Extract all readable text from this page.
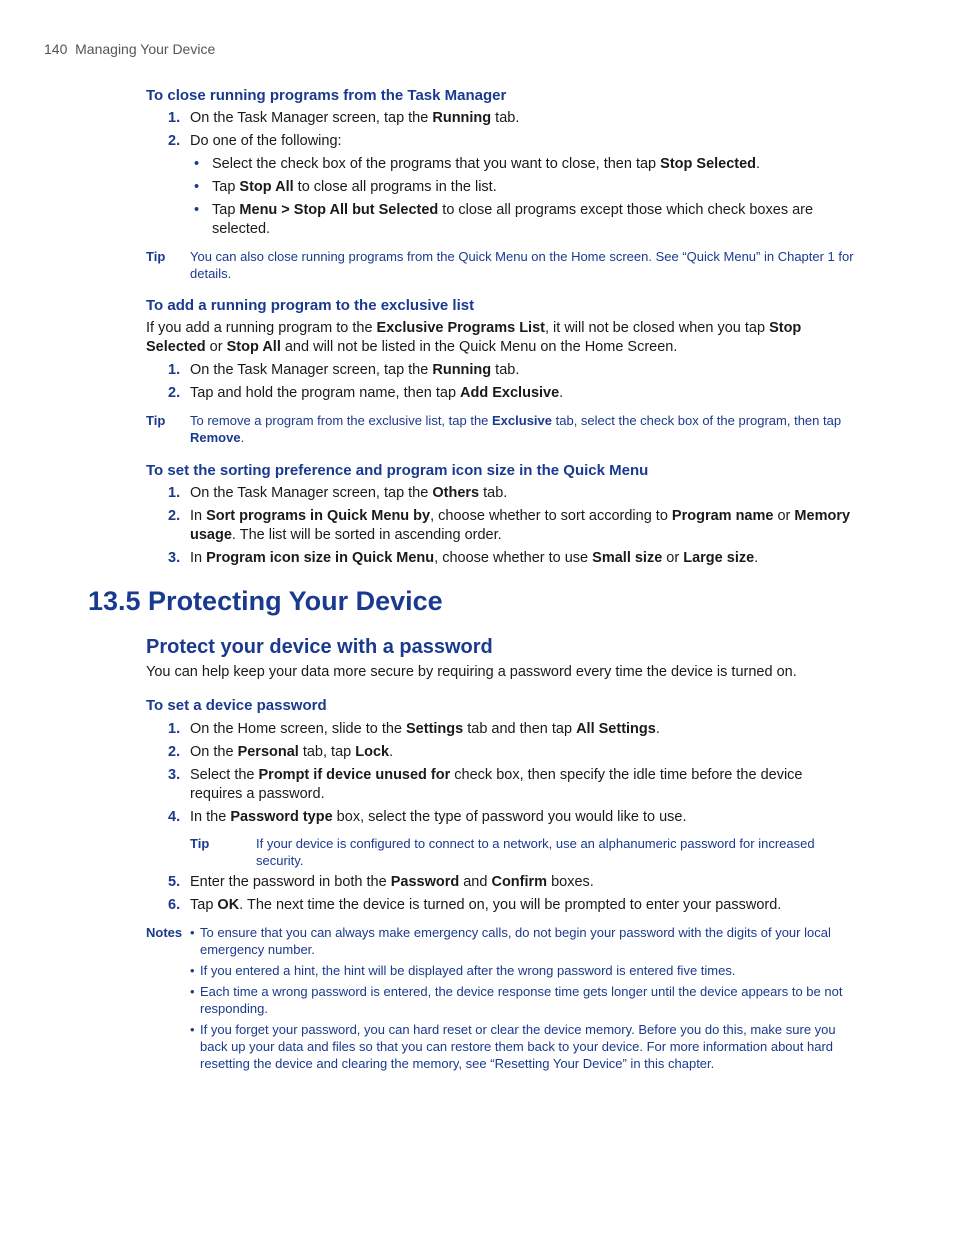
140 Managing Your Device
To close running programs from the Task Manager
1. On the Task Manager screen, tap the Running tab.
2. Do one of the following:
• Select the check box of the programs that you want to close, then tap Stop Selected.
• Tap Stop All to close all programs in the list.
• Tap Menu > Stop All but Selected to close all programs except those which check boxes are selected.
Tip You can also close running programs from the Quick Menu on the Home screen. See “Quick Menu” in Chapter 1 for details.
To add a running program to the exclusive list
If you add a running program to the Exclusive Programs List, it will not be closed when you tap Stop Selected or Stop All and will not be listed in the Quick Menu on the Home Screen.
1. On the Task Manager screen, tap the Running tab.
2. Tap and hold the program name, then tap Add Exclusive.
Tip To remove a program from the exclusive list, tap the Exclusive tab, select the check box of the program, then tap Remove.
To set the sorting preference and program icon size in the Quick Menu
1. On the Task Manager screen, tap the Others tab.
2. In Sort programs in Quick Menu by, choose whether to sort according to Program name or Memory usage. The list will be sorted in ascending order.
3. In Program icon size in Quick Menu, choose whether to use Small size or Large size.
13.5 Protecting Your Device
Protect your device with a password
You can help keep your data more secure by requiring a password every time the device is turned on.
To set a device password
1. On the Home screen, slide to the Settings tab and then tap All Settings.
2. On the Personal tab, tap Lock.
3. Select the Prompt if device unused for check box, then specify the idle time before the device requires a password.
4. In the Password type box, select the type of password you would like to use.
Tip	If your device is configured to connect to a network, use an alphanumeric password for increased security.
5. Enter the password in both the Password and Confirm boxes.
6. Tap OK. The next time the device is turned on, you will be prompted to enter your password.
Notes • To ensure that you can always make emergency calls, do not begin your password with the digits of your local emergency number.
• If you entered a hint, the hint will be displayed after the wrong password is entered five times.
• Each time a wrong password is entered, the device response time gets longer until the device appears to be not responding.
• If you forget your password, you can hard reset or clear the device memory. Before you do this, make sure you back up your data and files so that you can restore them back to your device. For more information about hard resetting the device and clearing the memory, see “Resetting Your Device” in this chapter.
